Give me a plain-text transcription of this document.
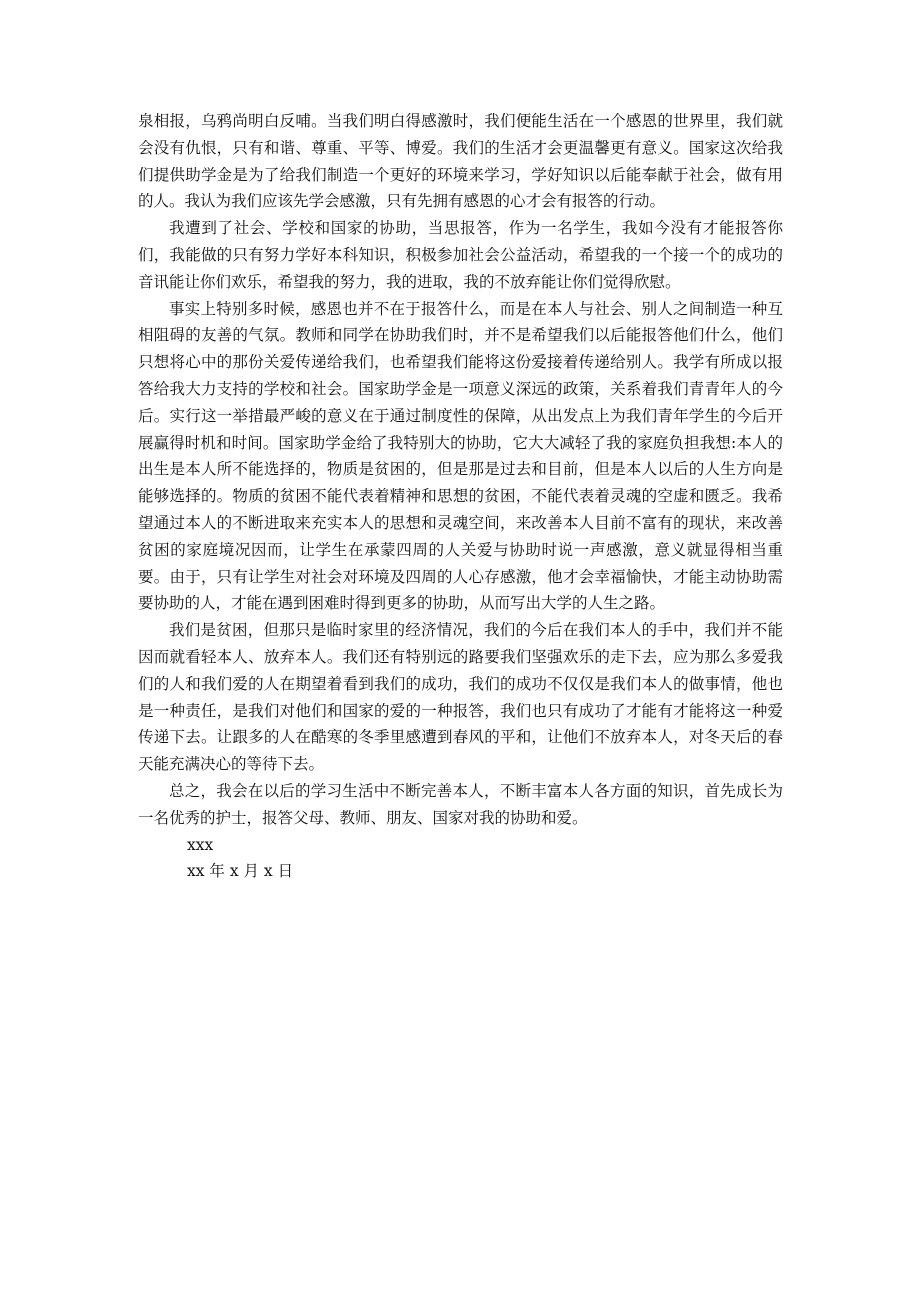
泉相报，乌鸦尚明白反哺。当我们明白得感激时，我们便能生活在一个感恩的世界里，我们就会没有仇恨，只有和谐、尊重、平等、博爱。我们的生活才会更温馨更有意义。国家这次给我们提供助学金是为了给我们制造一个更好的环境来学习，学好知识以后能奉献于社会，做有用的人。我认为我们应该先学会感激，只有先拥有感恩的心才会有报答的行动。

我遭到了社会、学校和国家的协助，当思报答，作为一名学生，我如今没有才能报答你们，我能做的只有努力学好本科知识，积极参加社会公益活动，希望我的一个接一个的成功的音讯能让你们欢乐，希望我的努力，我的进取，我的不放弃能让你们觉得欣慰。

事实上特别多时候，感恩也并不在于报答什么，而是在本人与社会、别人之间制造一种互相阻碍的友善的气氛。教师和同学在协助我们时，并不是希望我们以后能报答他们什么，他们只想将心中的那份关爱传递给我们，也希望我们能将这份爱接着传递给别人。我学有所成以报答给我大力支持的学校和社会。国家助学金是一项意义深远的政策，关系着我们青青年人的今后。实行这一举措最严峻的意义在于通过制度性的保障，从出发点上为我们青年学生的今后开展赢得时机和时间。国家助学金给了我特别大的协助，它大大减轻了我的家庭负担我想:本人的出生是本人所不能选择的，物质是贫困的，但是那是过去和目前，但是本人以后的人生方向是能够选择的。物质的贫困不能代表着精神和思想的贫困，不能代表着灵魂的空虚和匮乏。我希望通过本人的不断进取来充实本人的思想和灵魂空间，来改善本人目前不富有的现状，来改善贫困的家庭境况因而，让学生在承蒙四周的人关爱与协助时说一声感激，意义就显得相当重要。由于，只有让学生对社会对环境及四周的人心存感激，他才会幸福愉快，才能主动协助需要协助的人，才能在遇到困难时得到更多的协助，从而写出大学的人生之路。

我们是贫困，但那只是临时家里的经济情况，我们的今后在我们本人的手中，我们并不能因而就看轻本人、放弃本人。我们还有特别远的路要我们坚强欢乐的走下去，应为那么多爱我们的人和我们爱的人在期望着看到我们的成功，我们的成功不仅仅是我们本人的做事情，他也是一种责任，是我们对他们和国家的爱的一种报答，我们也只有成功了才能有才能将这一种爱传递下去。让跟多的人在酷寒的冬季里感遭到春风的平和，让他们不放弃本人，对冬天后的春天能充满决心的等待下去。

总之，我会在以后的学习生活中不断完善本人，不断丰富本人各方面的知识，首先成长为一名优秀的护士，报答父母、教师、朋友、国家对我的协助和爱。

xxx

xx 年 x 月 x 日
